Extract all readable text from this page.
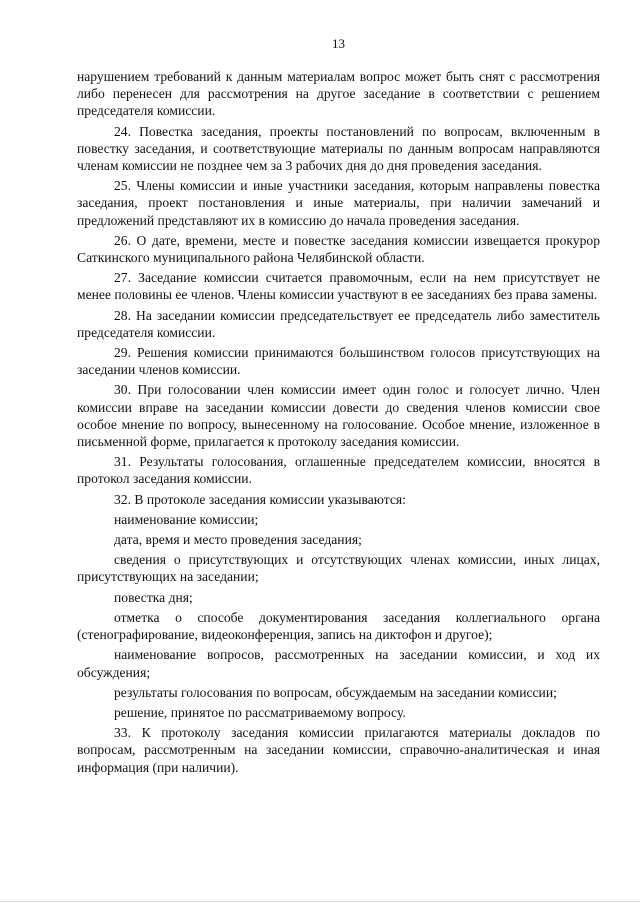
13

нарушением требований к данным материалам вопрос может быть снят с рассмотрения либо перенесен для рассмотрения на другое заседание в соответствии с решением председателя комиссии.

24. Повестка заседания, проекты постановлений по вопросам, включенным в повестку заседания, и соответствующие материалы по данным вопросам направляются членам комиссии не позднее чем за 3 рабочих дня до дня проведения заседания.

25. Члены комиссии и иные участники заседания, которым направлены повестка заседания, проект постановления и иные материалы, при наличии замечаний и предложений представляют их в комиссию до начала проведения заседания.

26. О дате, времени, месте и повестке заседания комиссии извещается прокурор Саткинского муниципального района Челябинской области.

27. Заседание комиссии считается правомочным, если на нем присутствует не менее половины ее членов. Члены комиссии участвуют в ее заседаниях без права замены.

28. На заседании комиссии председательствует ее председатель либо заместитель председателя комиссии.

29. Решения комиссии принимаются большинством голосов присутствующих на заседании членов комиссии.

30. При голосовании член комиссии имеет один голос и голосует лично. Член комиссии вправе на заседании комиссии довести до сведения членов комиссии свое особое мнение по вопросу, вынесенному на голосование. Особое мнение, изложенное в письменной форме, прилагается к протоколу заседания комиссии.

31. Результаты голосования, оглашенные председателем комиссии, вносятся в протокол заседания комиссии.

32. В протоколе заседания комиссии указываются:

наименование комиссии;

дата, время и место проведения заседания;

сведения о присутствующих и отсутствующих членах комиссии, иных лицах, присутствующих на заседании;

повестка дня;

отметка о способе документирования заседания коллегиального органа (стенографирование, видеоконференция, запись на диктофон и другое);

наименование вопросов, рассмотренных на заседании комиссии, и ход их обсуждения;

результаты голосования по вопросам, обсуждаемым на заседании комиссии;

решение, принятое по рассматриваемому вопросу.

33. К протоколу заседания комиссии прилагаются материалы докладов по вопросам, рассмотренным на заседании комиссии, справочно-аналитическая и иная информация (при наличии).
